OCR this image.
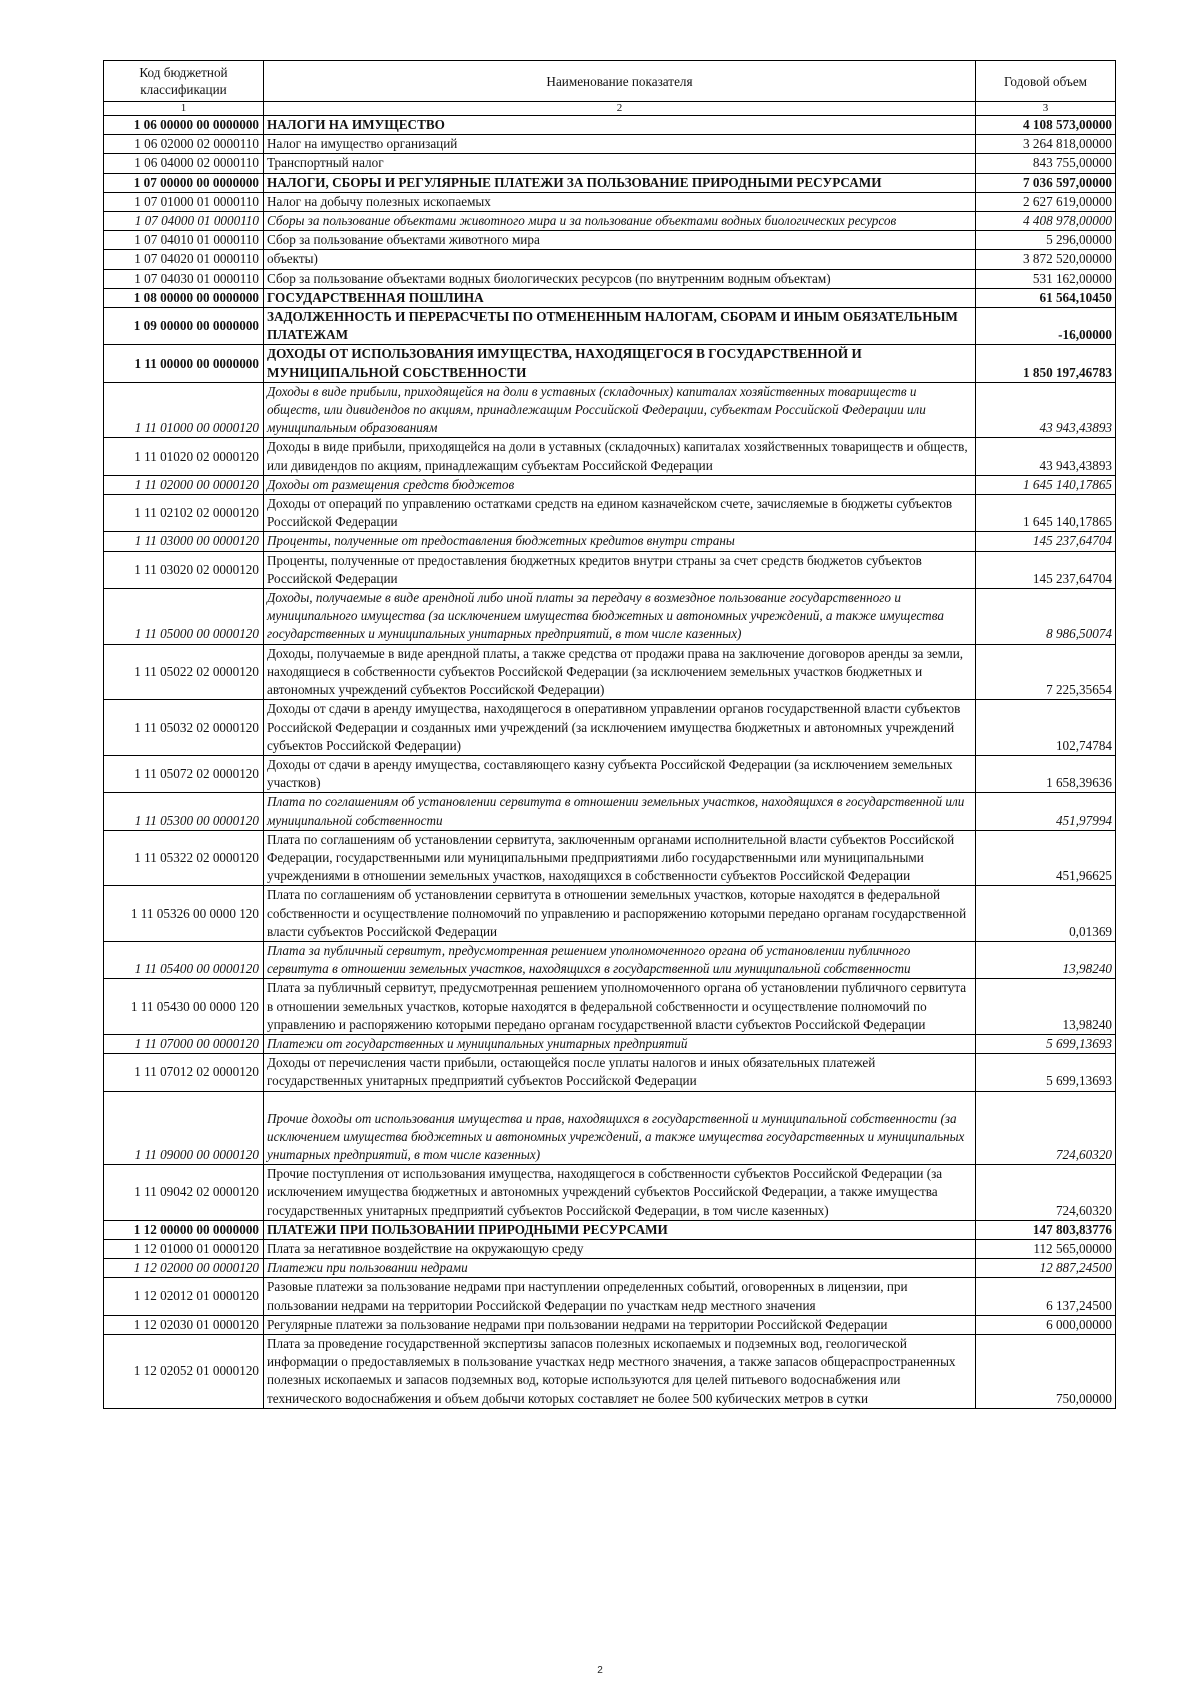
Код бюджетной классификации	Наименование показателя	Годовой объем
1	2	3
1 06 00000 00 0000000	НАЛОГИ НА ИМУЩЕСТВО	4 108 573,00000
1 06 02000 02 0000110	Налог на имущество организаций	3 264 818,00000
1 06 04000 02 0000110	Транспортный налог	843 755,00000
1 07 00000 00 0000000	НАЛОГИ, СБОРЫ И РЕГУЛЯРНЫЕ ПЛАТЕЖИ ЗА ПОЛЬЗОВАНИЕ ПРИРОДНЫМИ РЕСУРСАМИ	7 036 597,00000
1 07 01000 01 0000110	Налог на добычу полезных ископаемых	2 627 619,00000
1 07 04000 01 0000110	Сборы за пользование объектами животного мира и за пользование объектами водных биологических ресурсов	4 408 978,00000
1 07 04010 01 0000110	Сбор за пользование объектами животного мира	5 296,00000
1 07 04020 01 0000110	объекты)	3 872 520,00000
1 07 04030 01 0000110	Сбор за пользование объектами водных биологических ресурсов (по внутренним водным объектам)	531 162,00000
1 08 00000 00 0000000	ГОСУДАРСТВЕННАЯ ПОШЛИНА	61 564,10450
1 09 00000 00 0000000	ЗАДОЛЖЕННОСТЬ И ПЕРЕРАСЧЕТЫ ПО ОТМЕНЕННЫМ НАЛОГАМ, СБОРАМ И ИНЫМ ОБЯЗАТЕЛЬНЫМ ПЛАТЕЖАМ	-16,00000
1 11 00000 00 0000000	ДОХОДЫ ОТ ИСПОЛЬЗОВАНИЯ ИМУЩЕСТВА, НАХОДЯЩЕГОСЯ В ГОСУДАРСТВЕННОЙ И МУНИЦИПАЛЬНОЙ СОБСТВЕННОСТИ	1 850 197,46783
1 11 01000 00 0000120	Доходы в виде прибыли, приходящейся на доли в уставных (складочных) капиталах хозяйственных товариществ и обществ, или дивидендов по акциям, принадлежащим Российской Федерации, субъектам Российской Федерации или муниципальным образованиям	43 943,43893
1 11 01020 02 0000120	Доходы в виде прибыли, приходящейся на доли в уставных (складочных) капиталах хозяйственных товариществ и обществ, или дивидендов по акциям, принадлежащим субъектам Российской Федерации	43 943,43893
1 11 02000 00 0000120	Доходы от размещения средств бюджетов	1 645 140,17865
1 11 02102 02 0000120	Доходы от операций по управлению остатками средств на едином казначейском счете, зачисляемые в бюджеты субъектов Российской Федерации	1 645 140,17865
1 11 03000 00 0000120	Проценты, полученные от предоставления бюджетных кредитов внутри страны	145 237,64704
1 11 03020 02 0000120	Проценты, полученные от предоставления бюджетных кредитов внутри страны за счет средств бюджетов субъектов Российской Федерации	145 237,64704
1 11 05000 00 0000120	Доходы, получаемые в виде арендной либо иной платы за передачу в возмездное пользование государственного и муниципального имущества (за исключением имущества бюджетных и автономных учреждений, а также имущества государственных и муниципальных унитарных предприятий, в том числе казенных)	8 986,50074
1 11 05022 02 0000120	Доходы, получаемые в виде арендной платы, а также средства от продажи права на заключение договоров аренды за земли, находящиеся в собственности субъектов Российской Федерации (за исключением земельных участков бюджетных и автономных учреждений субъектов Российской Федерации)	7 225,35654
1 11 05032 02 0000120	Доходы от сдачи в аренду имущества, находящегося в оперативном управлении органов государственной власти субъектов Российской Федерации и созданных ими учреждений (за исключением имущества бюджетных и автономных учреждений субъектов Российской Федерации)	102,74784
1 11 05072 02 0000120	Доходы от сдачи в аренду имущества, составляющего казну субъекта Российской Федерации (за исключением земельных участков)	1 658,39636
1 11 05300 00 0000120	Плата по соглашениям об установлении сервитута в отношении земельных участков, находящихся в государственной или муниципальной собственности	451,97994
1 11 05322 02 0000120	Плата по соглашениям об установлении сервитута, заключенным органами исполнительной власти субъектов Российской Федерации, государственными или муниципальными предприятиями либо государственными или муниципальными учреждениями в отношении земельных участков, находящихся в собственности субъектов Российской Федерации	451,96625
1 11 05326 00 0000 120	Плата по соглашениям об установлении сервитута в отношении земельных участков, которые находятся в федеральной собственности и осуществление полномочий по управлению и распоряжению которыми передано органам государственной власти субъектов Российской Федерации	0,01369
1 11 05400 00 0000120	Плата за публичный сервитут, предусмотренная решением уполномоченного органа об установлении публичного сервитута в отношении земельных участков, находящихся в государственной или муниципальной собственности	13,98240
1 11 05430 00 0000 120	Плата за публичный сервитут, предусмотренная решением уполномоченного органа об установлении публичного сервитута в отношении земельных участков, которые находятся в федеральной собственности и осуществление полномочий по управлению и распоряжению которыми передано органам государственной власти субъектов Российской Федерации	13,98240
1 11 07000 00 0000120	Платежи от государственных и муниципальных унитарных предприятий	5 699,13693
1 11 07012 02 0000120	Доходы от перечисления части прибыли, остающейся после уплаты налогов и иных обязательных платежей государственных унитарных предприятий субъектов Российской Федерации	5 699,13693
1 11 09000 00 0000120	Прочие доходы от использования имущества и прав, находящихся в государственной и муниципальной собственности (за исключением имущества бюджетных и автономных учреждений, а также имущества государственных и муниципальных унитарных предприятий, в том числе казенных)	724,60320
1 11 09042 02 0000120	Прочие поступления от использования имущества, находящегося в собственности субъектов Российской Федерации (за исключением имущества бюджетных и автономных учреждений субъектов Российской Федерации, а также имущества государственных унитарных предприятий субъектов Российской Федерации, в том числе казенных)	724,60320
1 12 00000 00 0000000	ПЛАТЕЖИ ПРИ ПОЛЬЗОВАНИИ ПРИРОДНЫМИ РЕСУРСАМИ	147 803,83776
1 12 01000 01 0000120	Плата за негативное воздействие на окружающую среду	112 565,00000
1 12 02000 00 0000120	Платежи при пользовании недрами	12 887,24500
1 12 02012 01 0000120	Разовые платежи за пользование недрами при наступлении определенных событий, оговоренных в лицензии, при пользовании недрами на территории Российской Федерации по участкам недр местного значения	6 137,24500
1 12 02030 01 0000120	Регулярные платежи за пользование недрами при пользовании недрами на территории Российской Федерации	6 000,00000
1 12 02052 01 0000120	Плата за проведение государственной экспертизы запасов полезных ископаемых и подземных вод, геологической информации о предоставляемых в пользование участках недр местного значения, а также запасов общераспространенных полезных ископаемых и запасов подземных вод, которые используются для целей питьевого водоснабжения или технического водоснабжения и объем добычи которых составляет не более 500 кубических метров в сутки	750,00000
2
